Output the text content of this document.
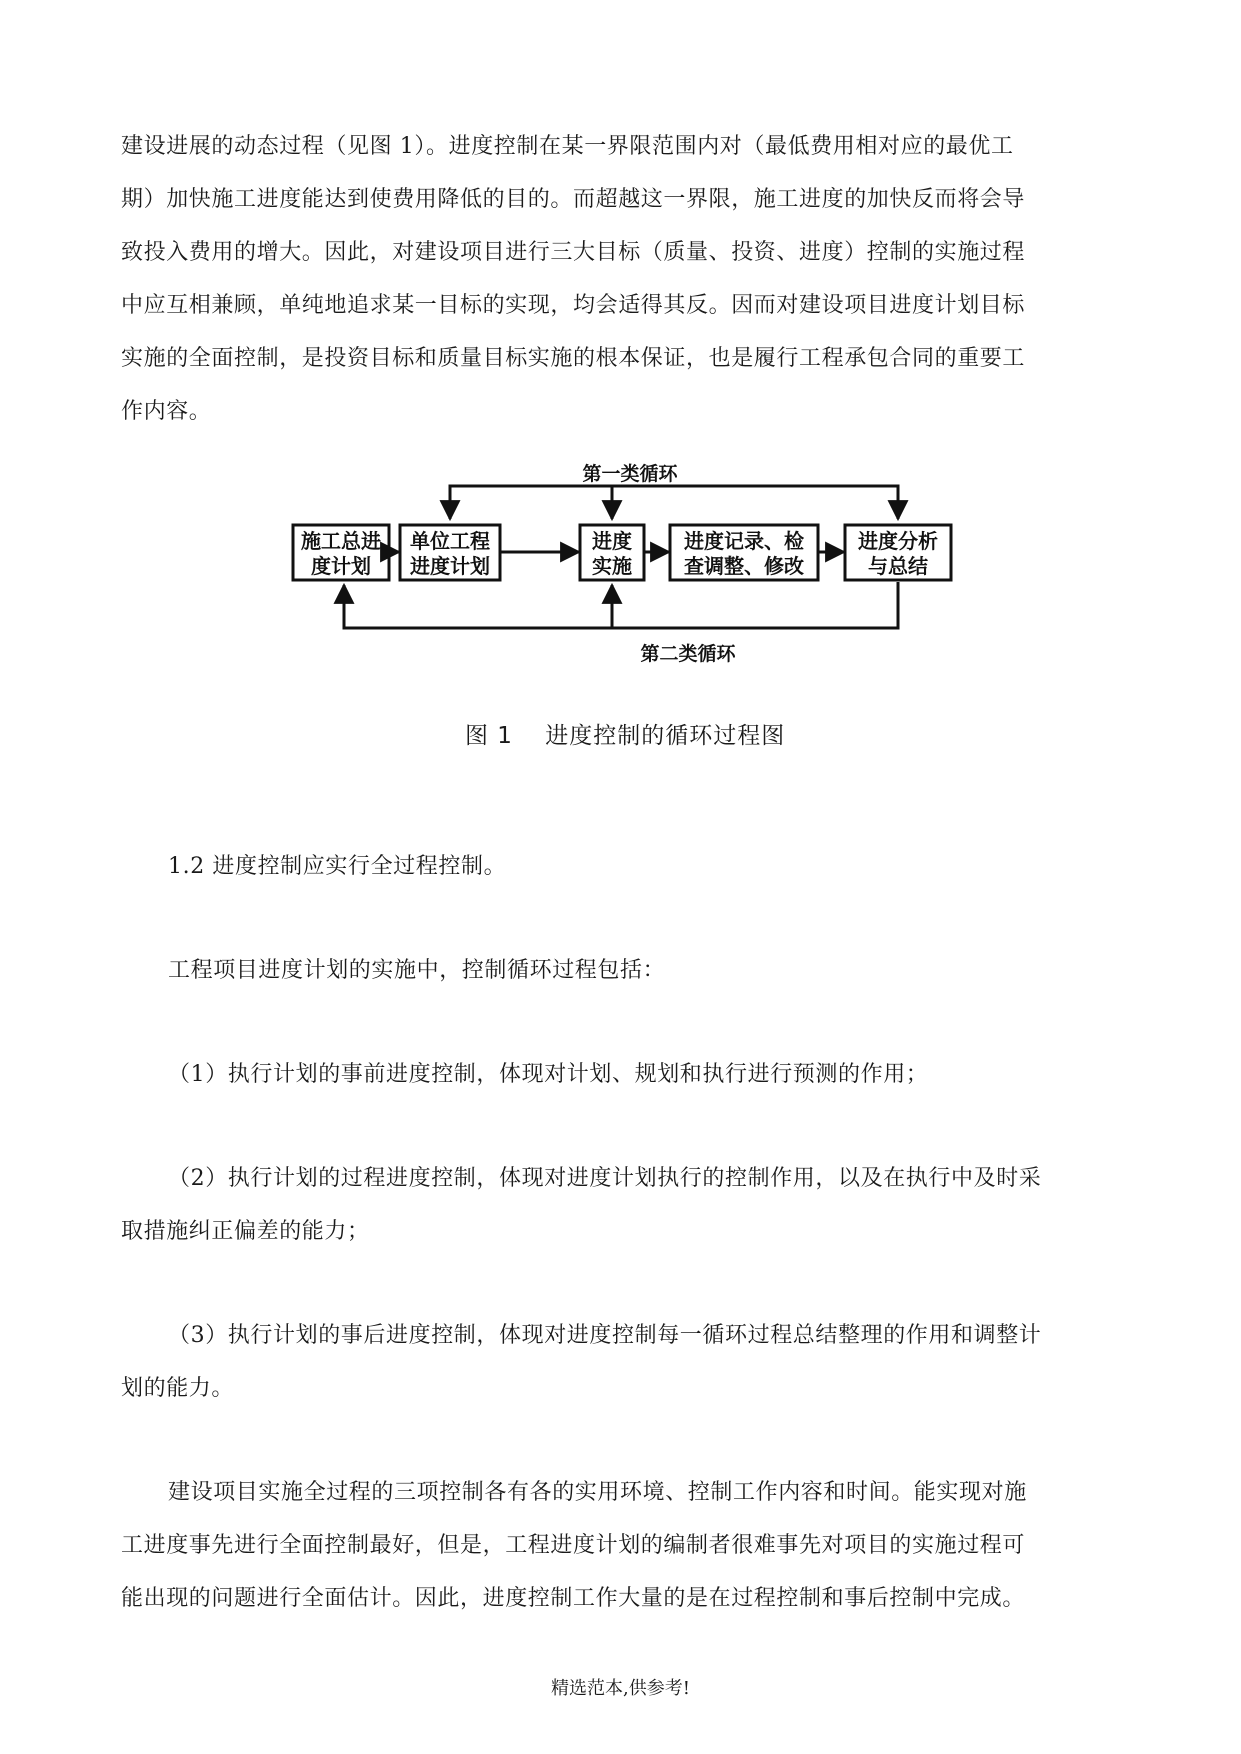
建设进展的动态过程（见图 1）。进度控制在某一界限范围内对（最低费用相对应的最优工
期）加快施工进度能达到使费用降低的目的。而超越这一界限，施工进度的加快反而将会导
致投入费用的增大。因此，对建设项目进行三大目标（质量、投资、进度）控制的实施过程
中应互相兼顾，单纯地追求某一目标的实现，均会适得其反。因而对建设项目进度计划目标
实施的全面控制，是投资目标和质量目标实施的根本保证，也是履行工程承包合同的重要工
作内容。
第一类循环
第二类循环
施工总进
度计划
单位工程
进度计划
进度
实施
进度记录、检
查调整、修改
进度分析
与总结

图 1　 进度控制的循环过程图

1.2 进度控制应实行全过程控制。

工程项目进度计划的实施中，控制循环过程包括：

（1）执行计划的事前进度控制，体现对计划、规划和执行进行预测的作用；
（2）执行计划的过程进度控制，体现对进度计划执行的控制作用，以及在执行中及时采
取措施纠正偏差的能力；
（3）执行计划的事后进度控制，体现对进度控制每一循环过程总结整理的作用和调整计
划的能力。
建设项目实施全过程的三项控制各有各的实用环境、控制工作内容和时间。能实现对施
工进度事先进行全面控制最好，但是，工程进度计划的编制者很难事先对项目的实施过程可
能出现的问题进行全面估计。因此，进度控制工作大量的是在过程控制和事后控制中完成。

精选范本,供参考!
